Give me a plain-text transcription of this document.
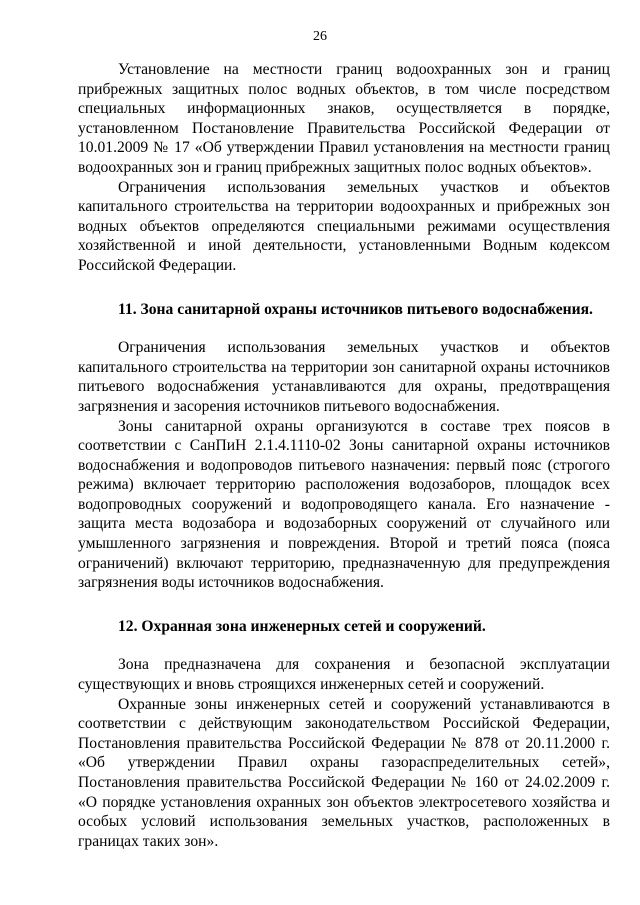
26

Установление на местности границ водоохранных зон и границ прибрежных защитных полос водных объектов, в том числе посредством специальных информационных знаков, осуществляется в порядке, установленном Постановление Правительства Российской Федерации от 10.01.2009 № 17 «Об утверждении Правил установления на местности границ водоохранных зон и границ прибрежных защитных полос водных объектов».

Ограничения использования земельных участков и объектов капитального строительства на территории водоохранных и прибрежных зон водных объектов определяются специальными режимами осуществления хозяйственной и иной деятельности, установленными Водным кодексом Российской Федерации.

11. Зона санитарной охраны источников питьевого водоснабжения.

Ограничения использования земельных участков и объектов капитального строительства на территории зон санитарной охраны источников питьевого водоснабжения устанавливаются для охраны, предотвращения загрязнения и засорения источников питьевого водоснабжения.

Зоны санитарной охраны организуются в составе трех поясов в соответствии с СанПиН 2.1.4.1110-02 Зоны санитарной охраны источников водоснабжения и водопроводов питьевого назначения: первый пояс (строгого режима) включает территорию расположения водозаборов, площадок всех водопроводных сооружений и водопроводящего канала. Его назначение - защита места водозабора и водозаборных сооружений от случайного или умышленного загрязнения и повреждения. Второй и третий пояса (пояса ограничений) включают территорию, предназначенную для предупреждения загрязнения воды источников водоснабжения.

12. Охранная зона инженерных сетей и сооружений.

Зона предназначена для сохранения и безопасной эксплуатации существующих и вновь строящихся инженерных сетей и сооружений.

Охранные зоны инженерных сетей и сооружений устанавливаются в соответствии с действующим законодательством Российской Федерации, Постановления правительства Российской Федерации № 878 от 20.11.2000 г. «Об утверждении Правил охраны газораспределительных сетей», Постановления правительства Российской Федерации № 160 от 24.02.2009 г. «О порядке установления охранных зон объектов электросетевого хозяйства и особых условий использования земельных участков, расположенных в границах таких зон».
